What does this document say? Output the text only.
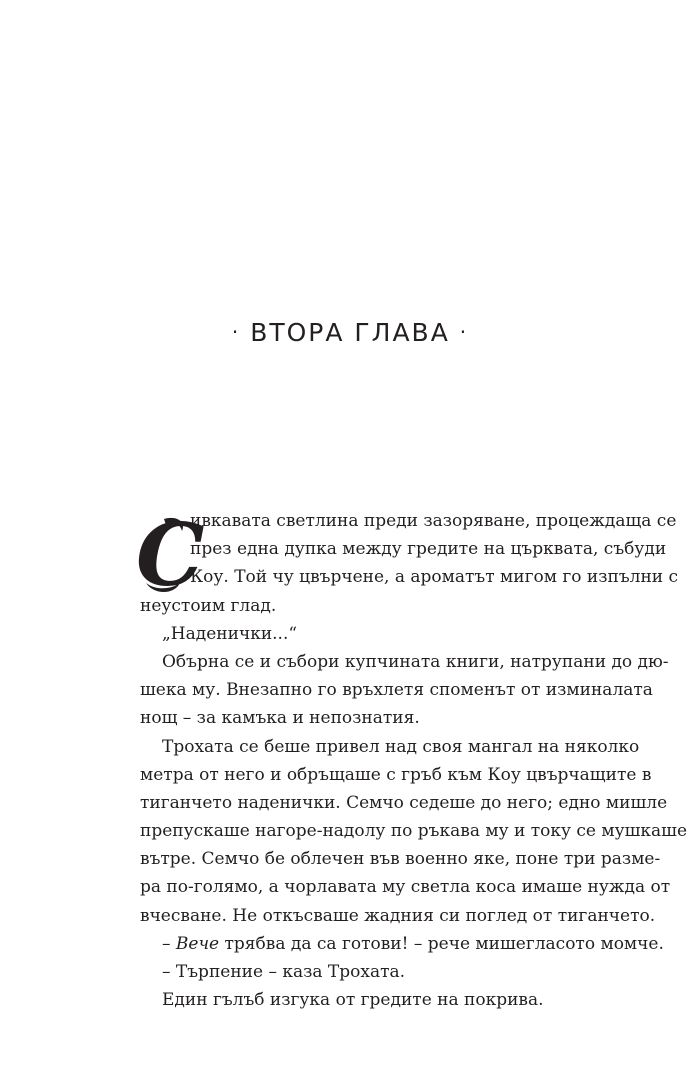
· ВТОРА ГЛАВА ·
С
ивкавата светлина преди зазоряване, процеждаща се
през една дупка между гредите на църквата, събуди
Коу. Той чу цвърчене, а ароматът мигом го изпълни с
неустоим глад.
„Наденички...“
Обърна се и събори купчината книги, натрупани до дю-
шека му. Внезапно го връхлетя споменът от изминалата
нощ – за камъка и непознатия.
Трохата се беше привел над своя мангал на няколко
метра от него и обръщаше с гръб към Коу цвърчащите в
тиганчето наденички. Семчо седеше до него; едно мишле
препускаше нагоре-надолу по ръкава му и току се мушкаше
вътре. Семчо бе облечен във военно яке, поне три разме-
ра по-голямо, а чорлавата му светла коса имаше нужда от
вчесване. Не откъсваше жадния си поглед от тиганчето.
– Вече трябва да са готови! – рече мишегласото момче.
– Търпение – каза Трохата.
Един гълъб изгука от гредите на покрива.
